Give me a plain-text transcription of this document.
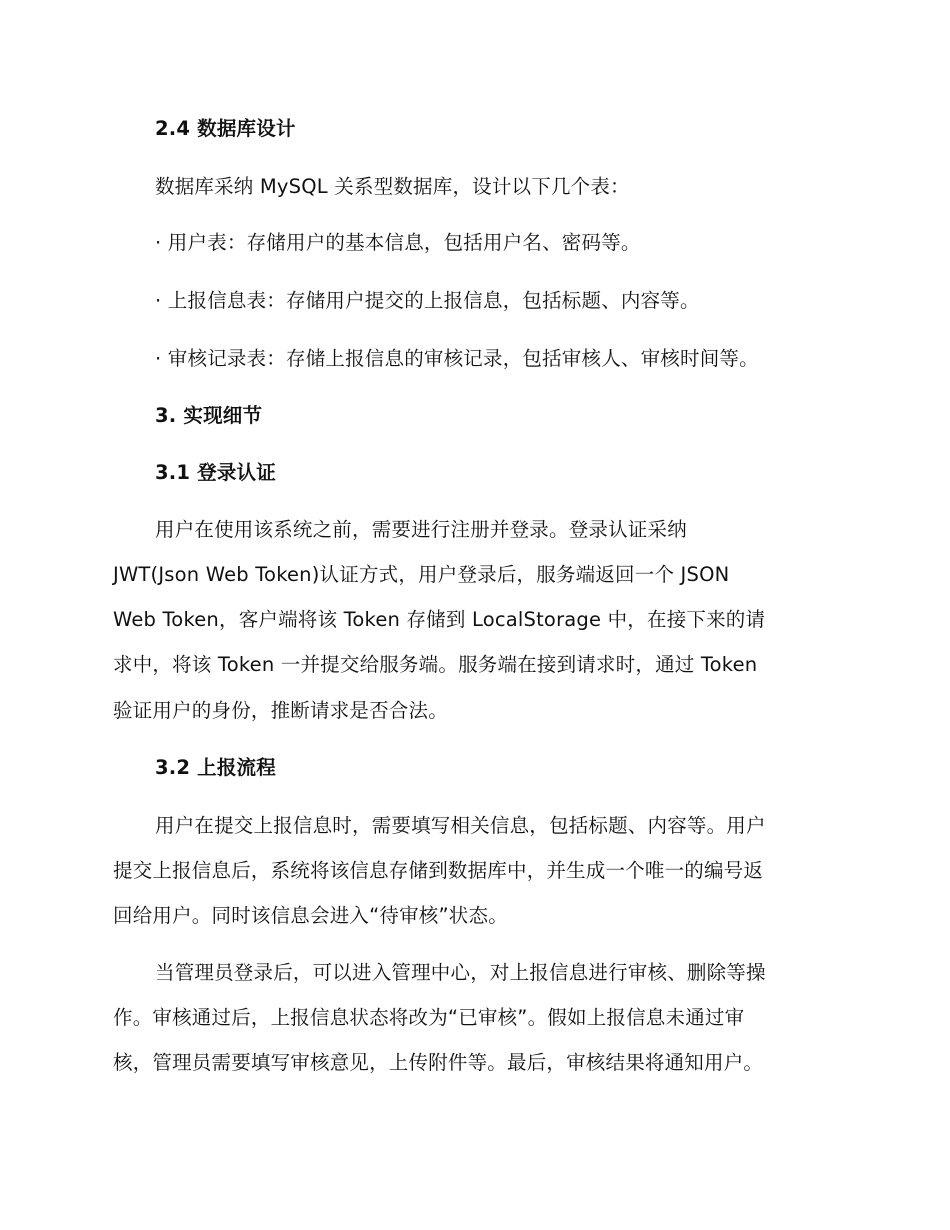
2.4 数据库设计
数据库采纳 MySQL 关系型数据库，设计以下几个表：
· 用户表：存储用户的基本信息，包括用户名、密码等。
· 上报信息表：存储用户提交的上报信息，包括标题、内容等。
· 审核记录表：存储上报信息的审核记录，包括审核人、审核时间等。
3. 实现细节
3.1 登录认证
用户在使用该系统之前，需要进行注册并登录。登录认证采纳
JWT(Json Web Token)认证方式，用户登录后，服务端返回一个 JSON
Web Token，客户端将该 Token 存储到 LocalStorage 中，在接下来的请
求中，将该 Token 一并提交给服务端。服务端在接到请求时，通过 Token
验证用户的身份，推断请求是否合法。
3.2 上报流程
用户在提交上报信息时，需要填写相关信息，包括标题、内容等。用户
提交上报信息后，系统将该信息存储到数据库中，并生成一个唯一的编号返
回给用户。同时该信息会进入“待审核”状态。
当管理员登录后，可以进入管理中心，对上报信息进行审核、删除等操
作。审核通过后，上报信息状态将改为“已审核”。假如上报信息未通过审
核，管理员需要填写审核意见，上传附件等。最后，审核结果将通知用户。
